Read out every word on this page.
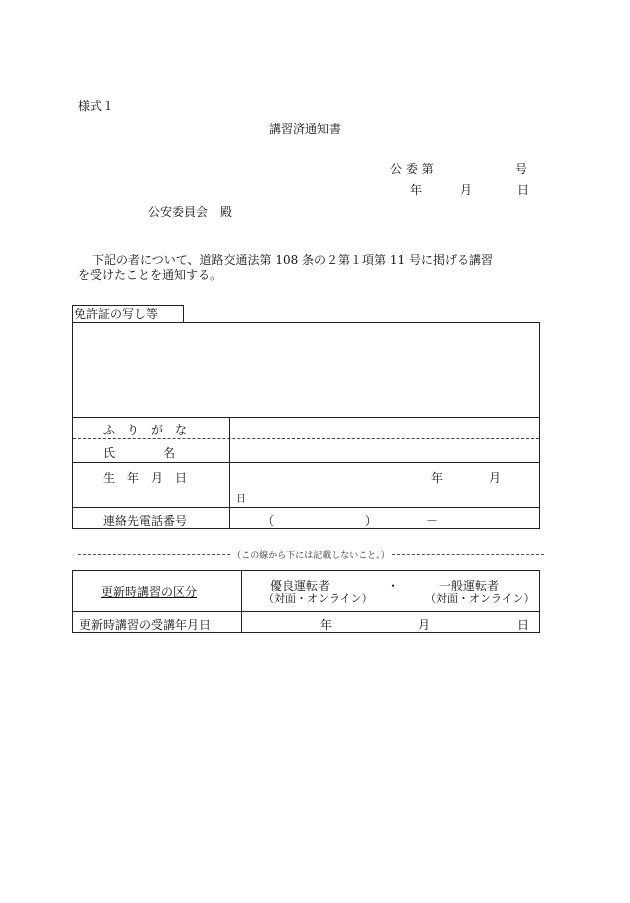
様式１
講習済通知書
公 委 第	号
年	月	日
公安委員会　殿
下記の者について、道路交通法第 108 条の２第１項第 11 号に掲げる講習
を受けたことを通知する。
免許証の写し等
ふ　り　が　な
氏　　　　名
生　年　月　日	年	月
日
連絡先電話番号	（	）	－
（この線から下には記載しないこと。）
更新時講習の区分	優良運転者
（対面・オンライン）
・	一般運転者
（対面・オンライン）
更新時講習の受講年月日	年	月	日
